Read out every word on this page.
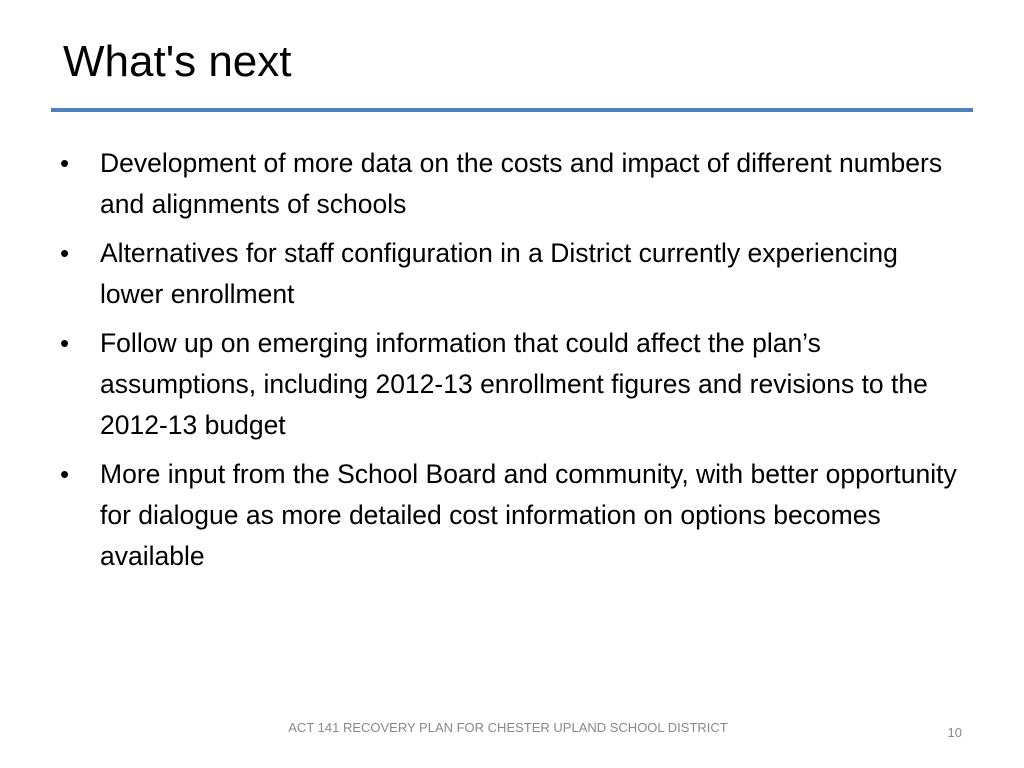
What's next
•	Development of more data on the costs and impact of different numbers and alignments of schools
•	Alternatives for staff configuration in a District currently experiencing lower enrollment
•	Follow up on emerging information that could affect the plan’s assumptions, including 2012-13 enrollment figures and revisions to the 2012-13 budget
•	More input from the School Board and community, with better opportunity for dialogue as more detailed cost information on options becomes available
ACT 141 RECOVERY PLAN FOR CHESTER UPLAND SCHOOL DISTRICT	10
